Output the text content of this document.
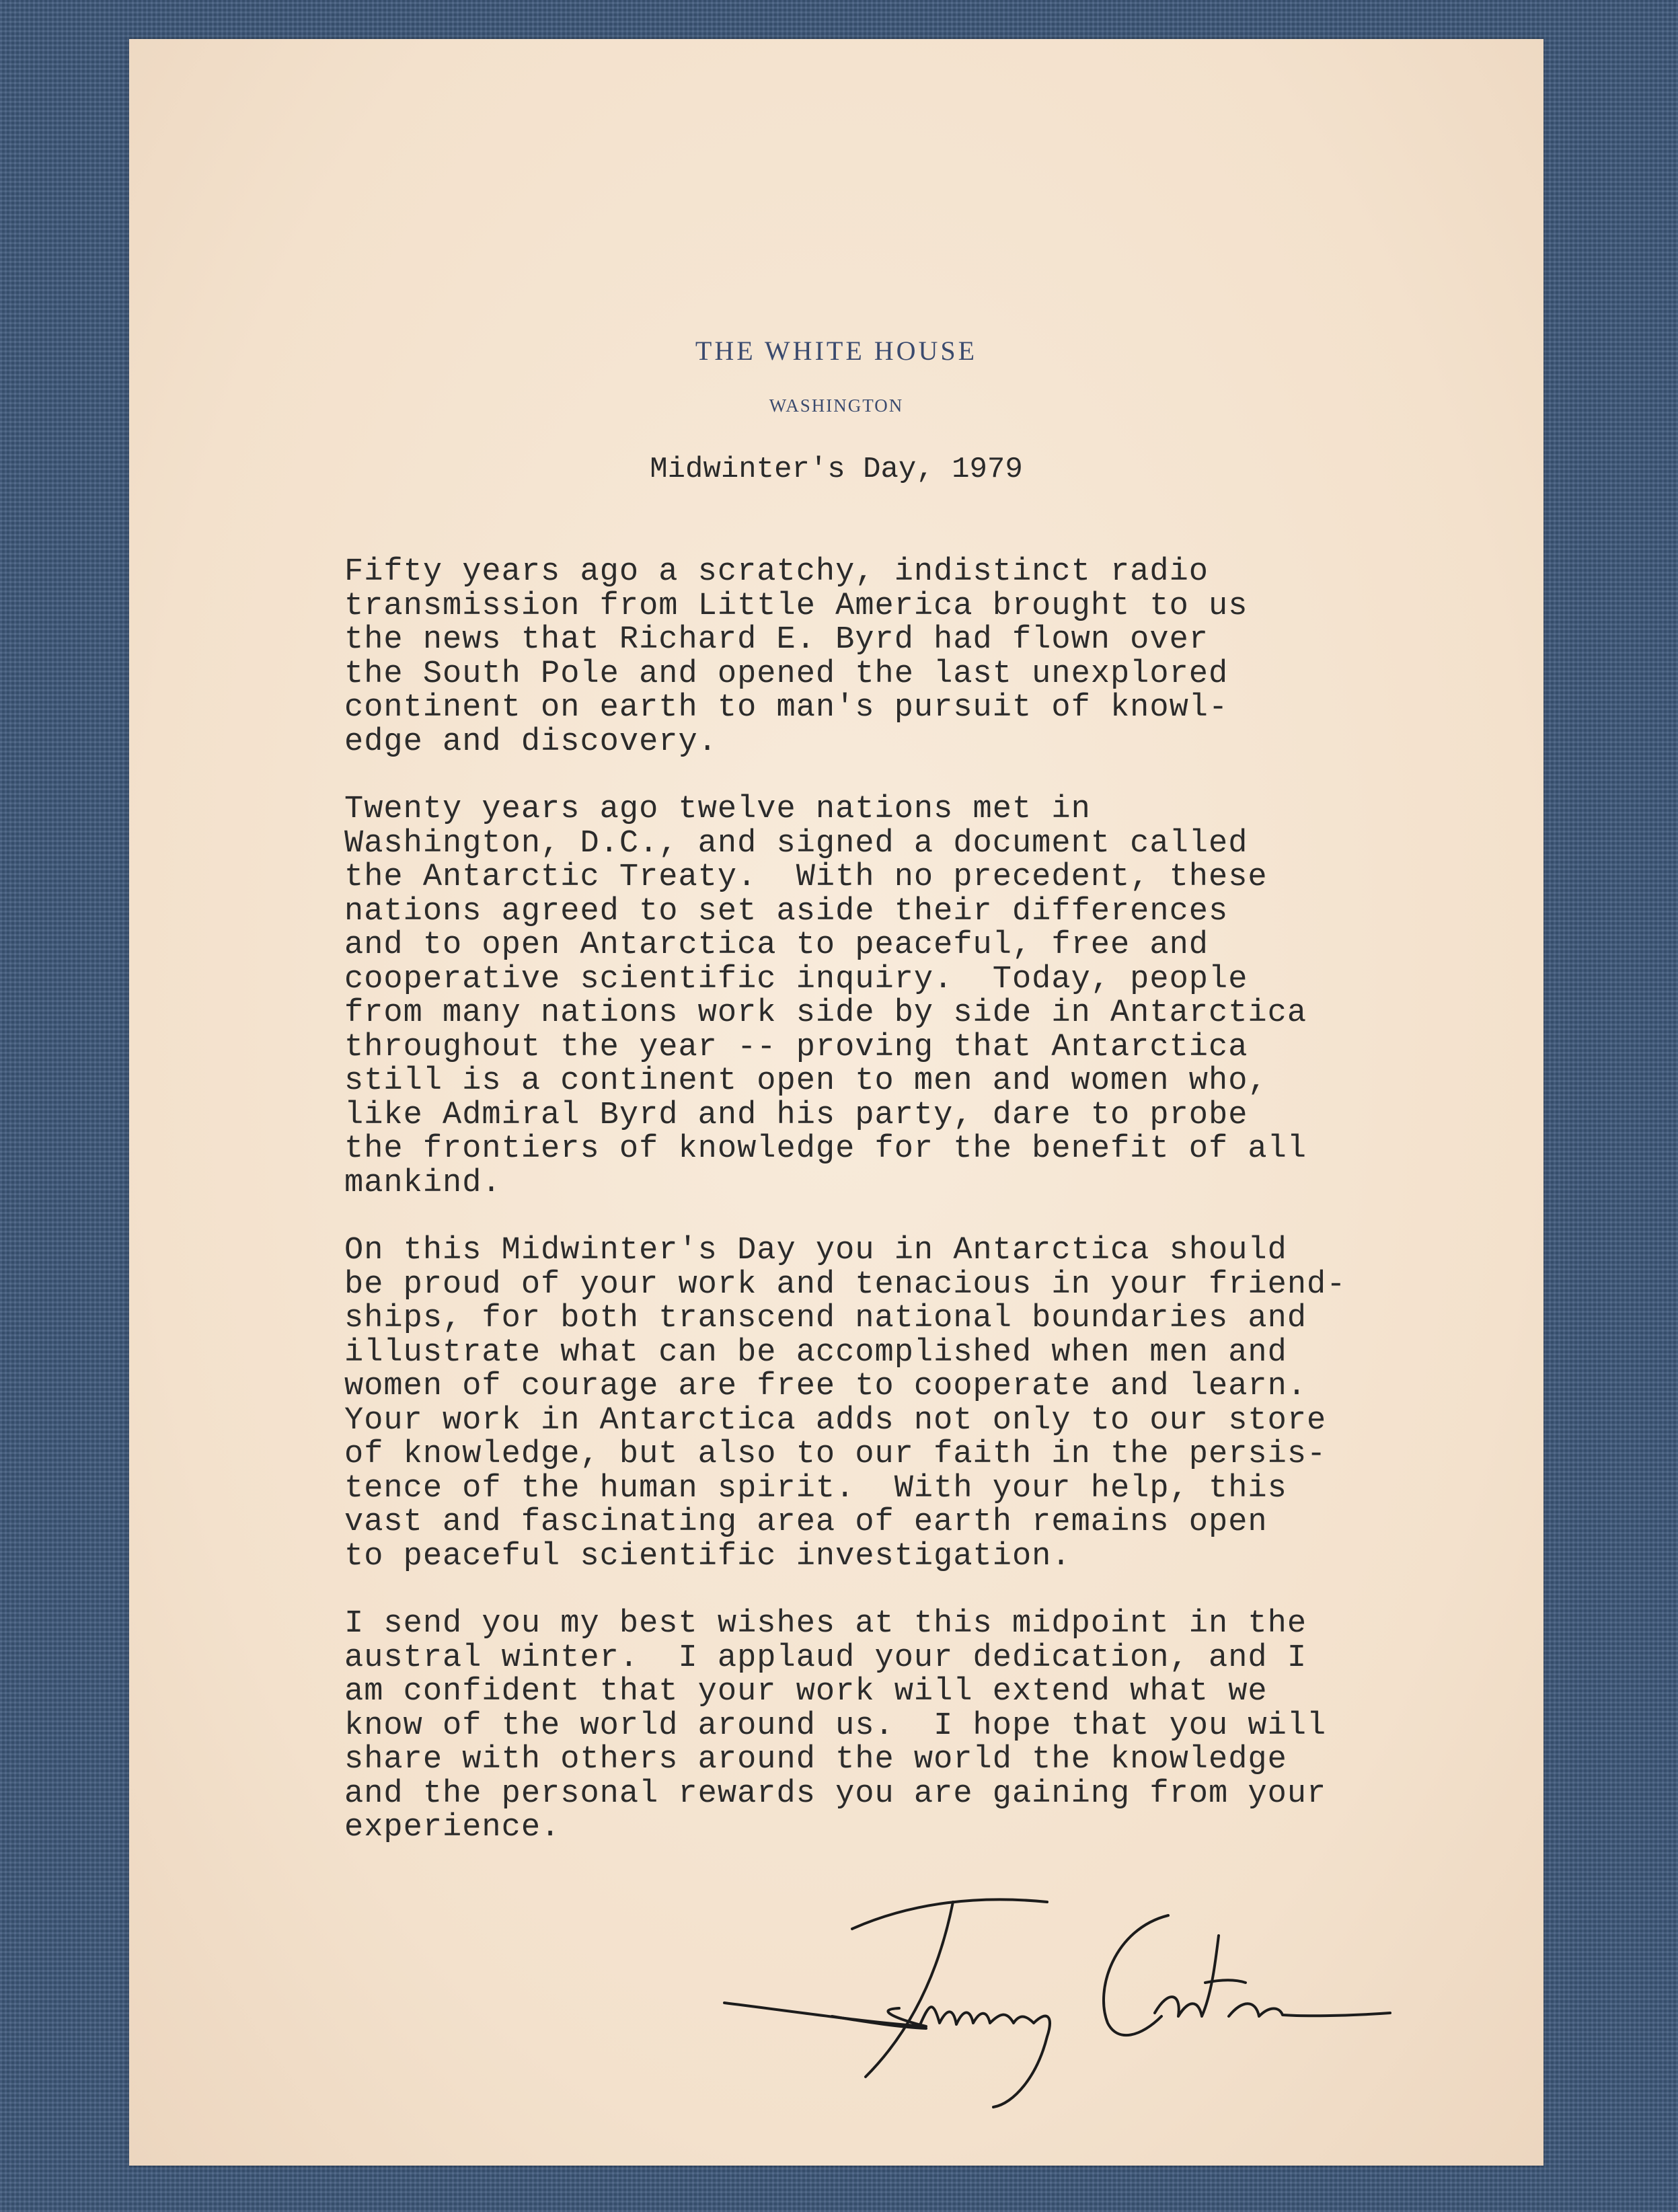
THE WHITE HOUSE
WASHINGTON
Midwinter's Day, 1979

Fifty years ago a scratchy, indistinct radio
transmission from Little America brought to us
the news that Richard E. Byrd had flown over
the South Pole and opened the last unexplored
continent on earth to man's pursuit of knowl-
edge and discovery.

Twenty years ago twelve nations met in
Washington, D.C., and signed a document called
the Antarctic Treaty.  With no precedent, these
nations agreed to set aside their differences
and to open Antarctica to peaceful, free and
cooperative scientific inquiry.  Today, people
from many nations work side by side in Antarctica
throughout the year -- proving that Antarctica
still is a continent open to men and women who,
like Admiral Byrd and his party, dare to probe
the frontiers of knowledge for the benefit of all
mankind.

On this Midwinter's Day you in Antarctica should
be proud of your work and tenacious in your friend-
ships, for both transcend national boundaries and
illustrate what can be accomplished when men and
women of courage are free to cooperate and learn.
Your work in Antarctica adds not only to our store
of knowledge, but also to our faith in the persis-
tence of the human spirit.  With your help, this
vast and fascinating area of earth remains open
to peaceful scientific investigation.

I send you my best wishes at this midpoint in the
austral winter.  I applaud your dedication, and I
am confident that your work will extend what we
know of the world around us.  I hope that you will
share with others around the world the knowledge
and the personal rewards you are gaining from your
experience.
